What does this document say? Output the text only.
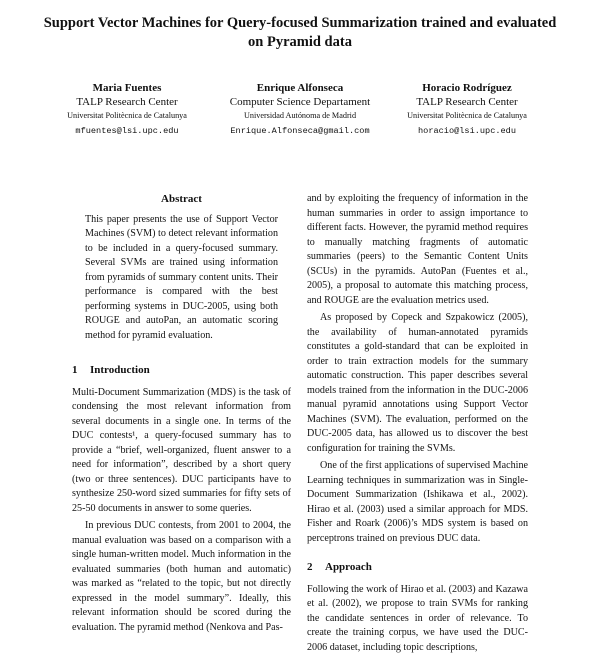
Support Vector Machines for Query-focused Summarization trained and evaluated on Pyramid data
Maria Fuentes
TALP Research Center
Universitat Politècnica de Catalunya
mfuentes@lsi.upc.edu
Enrique Alfonseca
Computer Science Departament
Universidad Autónoma de Madrid
Enrique.Alfonseca@gmail.com
Horacio Rodríguez
TALP Research Center
Universitat Politècnica de Catalunya
horacio@lsi.upc.edu
Abstract

This paper presents the use of Support Vector Machines (SVM) to detect relevant information to be included in a query-focused summary. Several SVMs are trained using information from pyramids of summary content units. Their performance is compared with the best performing systems in DUC-2005, using both ROUGE and autoPan, an automatic scoring method for pyramid evaluation.

1 Introduction

Multi-Document Summarization (MDS) is the task of condensing the most relevant information from several documents in a single one. In terms of the DUC contests¹, a query-focused summary has to provide a “brief, well-organized, fluent answer to a need for information”, described by a short query (two or three sentences). DUC participants have to synthesize 250-word sized summaries for fifty sets of 25-50 documents in answer to some queries.

In previous DUC contests, from 2001 to 2004, the manual evaluation was based on a comparison with a single human-written model. Much information in the evaluated summaries (both human and automatic) was marked as “related to the topic, but not directly expressed in the model summary”. Ideally, this relevant information should be scored during the evaluation. The pyramid method (Nenkova and Pas-

and by exploiting the frequency of information in the human summaries in order to assign importance to different facts. However, the pyramid method requires to manually matching fragments of automatic summaries (peers) to the Semantic Content Units (SCUs) in the pyramids. AutoPan (Fuentes et al., 2005), a proposal to automate this matching process, and ROUGE are the evaluation metrics used.

As proposed by Copeck and Szpakowicz (2005), the availability of human-annotated pyramids constitutes a gold-standard that can be exploited in order to train extraction models for the summary automatic construction. This paper describes several models trained from the information in the DUC-2006 manual pyramid annotations using Support Vector Machines (SVM). The evaluation, performed on the DUC-2005 data, has allowed us to discover the best configuration for training the SVMs.

One of the first applications of supervised Machine Learning techniques in summarization was in Single-Document Summarization (Ishikawa et al., 2002). Hirao et al. (2003) used a similar approach for MDS. Fisher and Roark (2006)’s MDS system is based on perceptrons trained on previous DUC data.

2 Approach

Following the work of Hirao et al. (2003) and Kazawa et al. (2002), we propose to train SVMs for ranking the candidate sentences in order of relevance. To create the training corpus, we have used the DUC-2006 dataset, including topic descriptions,
